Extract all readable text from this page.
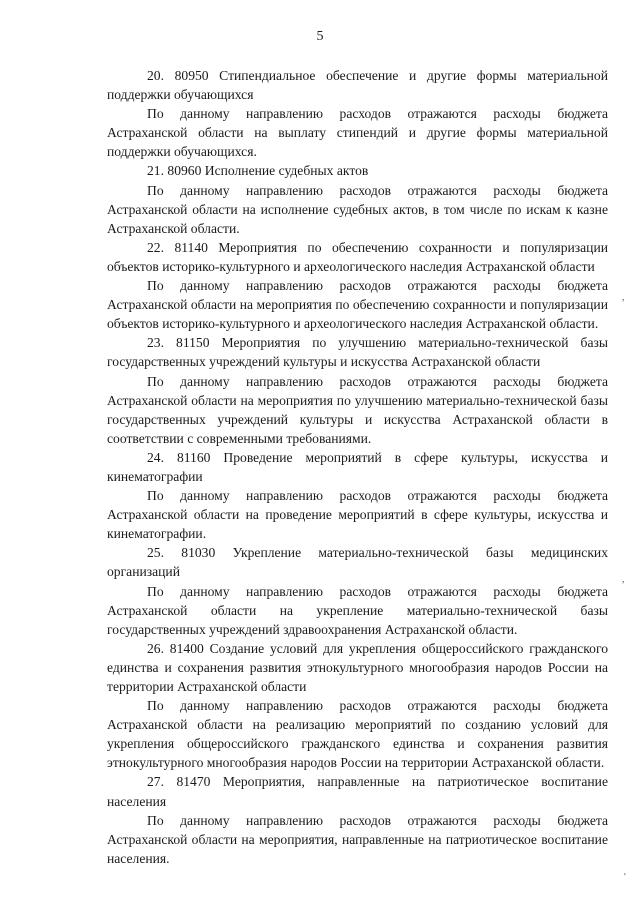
5

20. 80950 Стипендиальное обеспечение и другие формы материальной поддержки обучающихся

По данному направлению расходов отражаются расходы бюджета Астраханской области на выплату стипендий и другие формы материальной поддержки обучающихся.

21. 80960 Исполнение судебных актов

По данному направлению расходов отражаются расходы бюджета Астраханской области на исполнение судебных актов, в том числе по искам к казне Астраханской области.

22. 81140 Мероприятия по обеспечению сохранности и популяризации объектов историко-культурного и археологического наследия Астраханской области

По данному направлению расходов отражаются расходы бюджета Астраханской области на мероприятия по обеспечению сохранности и популяризации объектов историко-культурного и археологического наследия Астраханской области.

23. 81150 Мероприятия по улучшению материально-технической базы государственных учреждений культуры и искусства Астраханской области

По данному направлению расходов отражаются расходы бюджета Астраханской области на мероприятия по улучшению материально-технической базы государственных учреждений культуры и искусства Астраханской области в соответствии с современными требованиями.

24. 81160 Проведение мероприятий в сфере культуры, искусства и кинематографии

По данному направлению расходов отражаются расходы бюджета Астраханской области на проведение мероприятий в сфере культуры, искусства и кинематографии.

25. 81030 Укрепление материально-технической базы медицинских организаций

По данному направлению расходов отражаются расходы бюджета Астраханской области на укрепление материально-технической базы государственных учреждений здравоохранения Астраханской области.

26. 81400 Создание условий для укрепления общероссийского гражданского единства и сохранения развития этнокультурного многообразия народов России на территории Астраханской области

По данному направлению расходов отражаются расходы бюджета Астраханской области на реализацию мероприятий по созданию условий для укрепления общероссийского гражданского единства и сохранения развития этнокультурного многообразия народов России на территории Астраханской области.

27. 81470 Мероприятия, направленные на патриотическое воспитание населения

По данному направлению расходов отражаются расходы бюджета Астраханской области на мероприятия, направленные на патриотическое воспитание населения.

,
,
'
